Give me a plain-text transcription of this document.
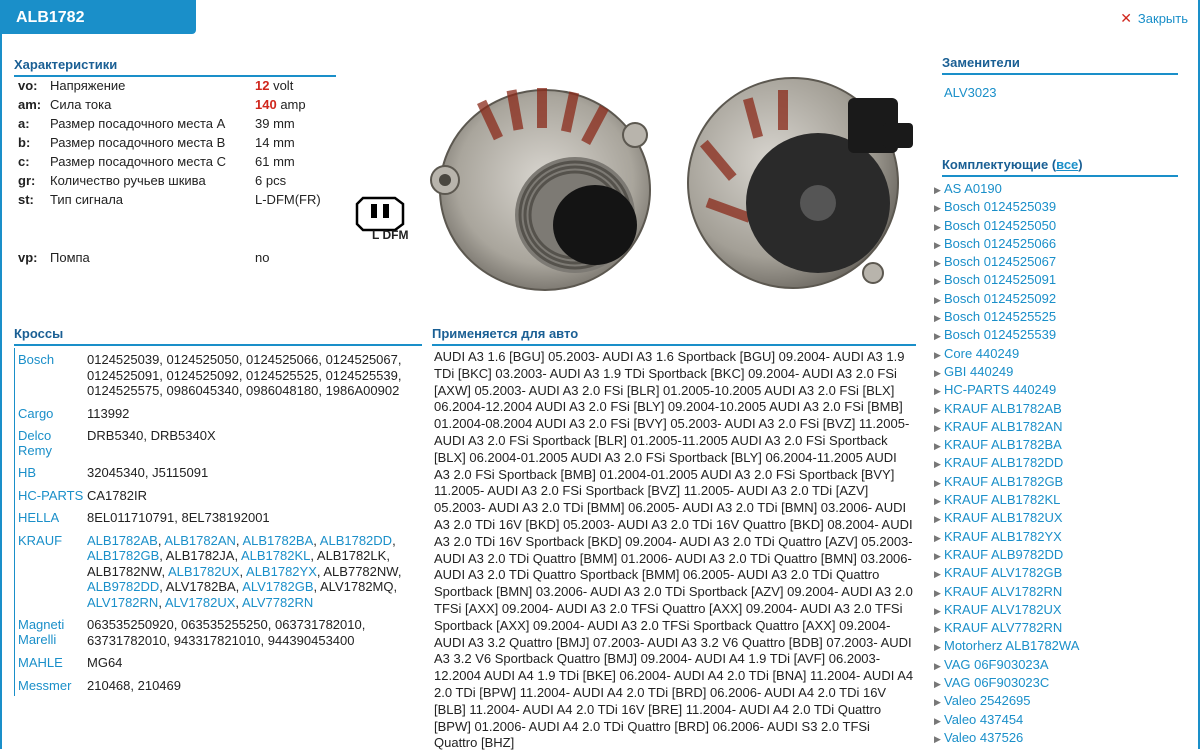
ALB1782	✕ Закрыть
Характеристики
vo: Напряжение	12 volt
am: Сила тока	140 amp
a: Размер посадочного места A 39 mm
b: Размер посадочного места B 14 mm
c: Размер посадочного места C 61 mm
gr: Количество ручьев шкива	6 pcs
st: Тип сигнала	L-DFM(FR)
vp: Помпа	no
L DFM
Заменители
ALV3023
Комплектующие (все)
▶ AS A0190
▶ Bosch 0124525039
▶ Bosch 0124525050
▶ Bosch 0124525066
▶ Bosch 0124525067
▶ Bosch 0124525091
▶ Bosch 0124525092
▶ Bosch 0124525525
▶ Bosch 0124525539
▶ Core 440249
▶ GBI 440249
▶ HC-PARTS 440249
▶ KRAUF ALB1782AB
▶ KRAUF ALB1782AN
▶ KRAUF ALB1782BA
▶ KRAUF ALB1782DD
▶ KRAUF ALB1782GB
▶ KRAUF ALB1782KL
▶ KRAUF ALB1782UX
▶ KRAUF ALB1782YX
▶ KRAUF ALB9782DD
▶ KRAUF ALV1782GB
▶ KRAUF ALV1782RN
▶ KRAUF ALV1782UX
▶ KRAUF ALV7782RN
▶ Motorherz ALB1782WA
▶ VAG 06F903023A
▶ VAG 06F903023C
▶ Valeo 2542695
▶ Valeo 437454
▶ Valeo 437526
Кроссы
Bosch	0124525039, 0124525050, 0124525066, 0124525067, 0124525091, 0124525092, 0124525525, 0124525539, 0124525575, 0986045340, 0986048180, 1986A00902
Cargo	113992
Delco Remy
DRB5340, DRB5340X
HB	32045340, J5115091
HC-PARTS CA1782IR
HELLA	8EL011710791, 8EL738192001
KRAUF	ALB1782AB, ALB1782AN, ALB1782BA, ALB1782DD, ALB1782GB, ALB1782JA, ALB1782KL, ALB1782LK, ALB1782NW, ALB1782UX, ALB1782YX, ALB7782NW, ALB9782DD, ALV1782BA, ALV1782GB, ALV1782MQ, ALV1782RN, ALV1782UX, ALV7782RN
Magneti Marelli
063535250920, 063535255250, 063731782010, 63731782010, 943317821010, 944390453400
MAHLE	MG64
Messmer	210468, 210469
Применяется для авто
AUDI A3 1.6 [BGU] 05.2003- AUDI A3 1.6 Sportback [BGU] 09.2004- AUDI A3 1.9 TDi [BKC] 03.2003- AUDI A3 1.9 TDi Sportback [BKC] 09.2004- AUDI A3 2.0 FSi [AXW] 05.2003- AUDI A3 2.0 FSi [BLR] 01.2005-10.2005 AUDI A3 2.0 FSi [BLX] 06.2004-12.2004 AUDI A3 2.0 FSi [BLY] 09.2004-10.2005 AUDI A3 2.0 FSi [BMB] 01.2004-08.2004 AUDI A3 2.0 FSi [BVY] 05.2003- AUDI A3 2.0 FSi [BVZ] 11.2005- AUDI A3 2.0 FSi Sportback [BLR] 01.2005-11.2005 AUDI A3 2.0 FSi Sportback [BLX] 06.2004-01.2005 AUDI A3 2.0 FSi Sportback [BLY] 06.2004-11.2005 AUDI A3 2.0 FSi Sportback [BMB] 01.2004-01.2005 AUDI A3 2.0 FSi Sportback [BVY] 11.2005- AUDI A3 2.0 FSi Sportback [BVZ] 11.2005- AUDI A3 2.0 TDi [AZV] 05.2003- AUDI A3 2.0 TDi [BMM] 06.2005- AUDI A3 2.0 TDi [BMN] 03.2006- AUDI A3 2.0 TDi 16V [BKD] 05.2003- AUDI A3 2.0 TDi 16V Quattro [BKD] 08.2004- AUDI A3 2.0 TDi 16V Sportback [BKD] 09.2004- AUDI A3 2.0 TDi Quattro [AZV] 05.2003- AUDI A3 2.0 TDi Quattro [BMM] 01.2006- AUDI A3 2.0 TDi Quattro [BMN] 03.2006- AUDI A3 2.0 TDi Quattro Sportback [BMM] 06.2005- AUDI A3 2.0 TDi Quattro Sportback [BMN] 03.2006- AUDI A3 2.0 TDi Sportback [AZV] 09.2004- AUDI A3 2.0 TFSi [AXX] 09.2004- AUDI A3 2.0 TFSi Quattro [AXX] 09.2004- AUDI A3 2.0 TFSi Sportback [AXX] 09.2004- AUDI A3 2.0 TFSi Sportback Quattro [AXX] 09.2004- AUDI A3 3.2 Quattro [BMJ] 07.2003- AUDI A3 3.2 V6 Quattro [BDB] 07.2003- AUDI A3 3.2 V6 Sportback Quattro [BMJ] 09.2004- AUDI A4 1.9 TDi [AVF] 06.2003-12.2004 AUDI A4 1.9 TDi [BKE] 06.2004- AUDI A4 2.0 TDi [BNA] 11.2004- AUDI A4 2.0 TDi [BPW] 11.2004- AUDI A4 2.0 TDi [BRD] 06.2006- AUDI A4 2.0 TDi 16V [BLB] 11.2004- AUDI A4 2.0 TDi 16V [BRE] 11.2004- AUDI A4 2.0 TDi Quattro [BPW] 01.2006- AUDI A4 2.0 TDi Quattro [BRD] 06.2006- AUDI S3 2.0 TFSi Quattro [BHZ]
